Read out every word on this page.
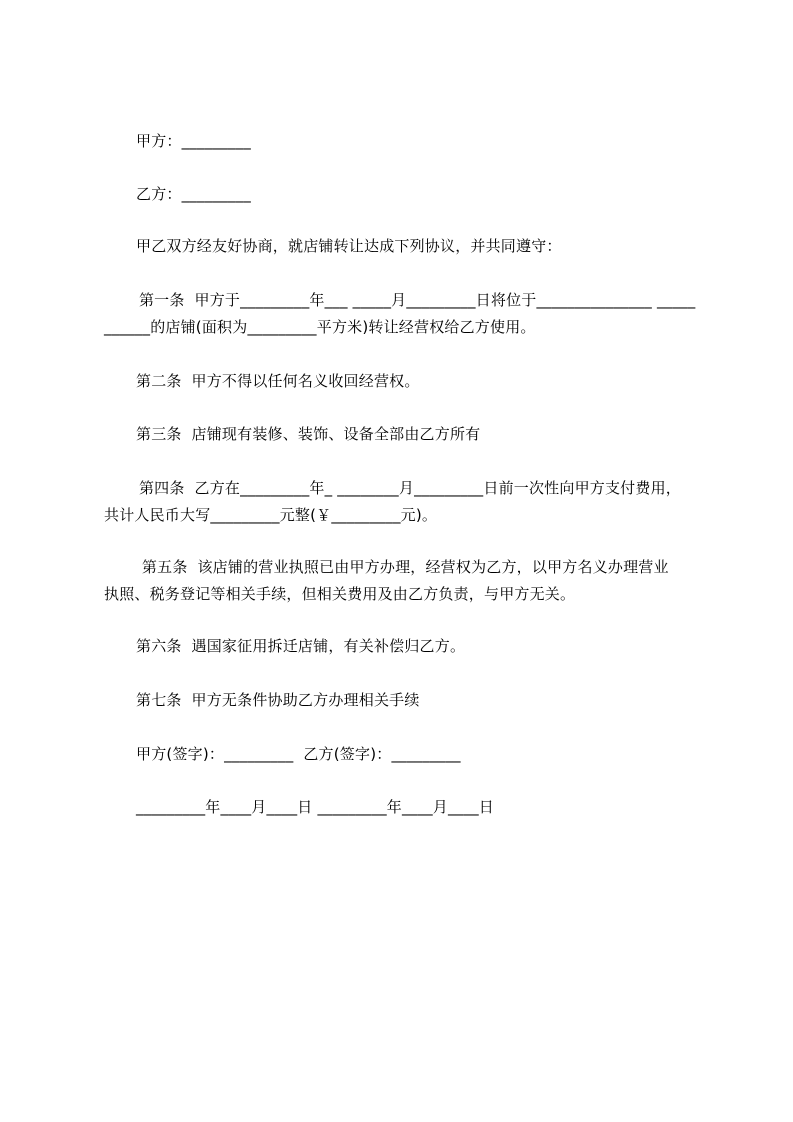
甲方：_________
乙方：_________
甲乙双方经友好协商，就店铺转让达成下列协议，并共同遵守：
第一条  甲方于_________年___ _____月_________日将位于_______________ _____
______的店铺(面积为_________平方米)转让经营权给乙方使用。
第二条  甲方不得以任何名义收回经营权。
第三条  店铺现有装修、装饰、设备全部由乙方所有
第四条  乙方在_________年_ ________月_________日前一次性向甲方支付费用，
共计人民币大写_________元整(￥_________元)。
第五条  该店铺的营业执照已由甲方办理，经营权为乙方，以甲方名义办理营业
执照、税务登记等相关手续，但相关费用及由乙方负责，与甲方无关。
第六条  遇国家征用拆迁店铺，有关补偿归乙方。
第七条  甲方无条件协助乙方办理相关手续
甲方(签字)：_________  乙方(签字)：_________
_________年____月____日 _________年____月____日
